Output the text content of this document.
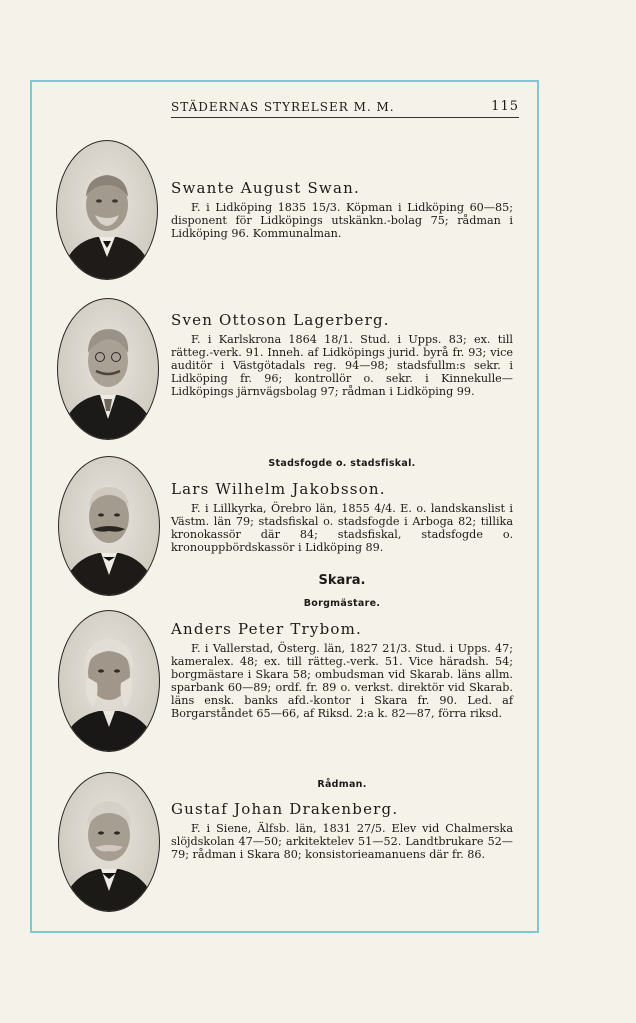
STÄDERNAS STYRELSER M. M.	115
Swante August Swan.

F. i Lidköping 1835 15/3. Köpman i Lidköping 60—85; disponent för Lidköpings utskänkn.-bolag 75; rådman i Lidköping 96. Kommunalman.

Sven Ottoson Lagerberg.

F. i Karlskrona 1864 18/1. Stud. i Upps. 83; ex. till rätteg.-verk. 91. Inneh. af Lidköpings jurid. byrå fr. 93; vice auditör i Västgötadals reg. 94—98; stadsfullm:s sekr. i Lidköping fr. 96; kontrollör o. sekr. i Kinnekulle—Lidköpings järnvägsbolag 97; rådman i Lidköping 99.

Stadsfogde o. stadsfiskal.
Lars Wilhelm Jakobsson.

F. i Lillkyrka, Örebro län, 1855 4/4. E. o. landskanslist i Västm. län 79; stadsfiskal o. stadsfogde i Arboga 82; tillika kronokassör där 84; stadsfiskal, stadsfogde o. kronouppbördskassör i Lidköping 89.

Skara.
Borgmästare.
Anders Peter Trybom.

F. i Vallerstad, Österg. län, 1827 21/3. Stud. i Upps. 47; kameralex. 48; ex. till rätteg.-verk. 51. Vice häradsh. 54; borgmästare i Skara 58; ombudsman vid Skarab. läns allm. sparbank 60—89; ordf. fr. 89 o. verkst. direktör vid Skarab. läns ensk. banks afd.-kontor i Skara fr. 90. Led. af Borgarståndet 65—66, af Riksd. 2:a k. 82—87, förra riksd.

Rådman.
Gustaf Johan Drakenberg.

F. i Siene, Älfsb. län, 1831 27/5. Elev vid Chalmerska slöjdskolan 47—50; arkitektelev 51—52. Landtbrukare 52—79; rådman i Skara 80; konsistorieamanuens där fr. 86.
